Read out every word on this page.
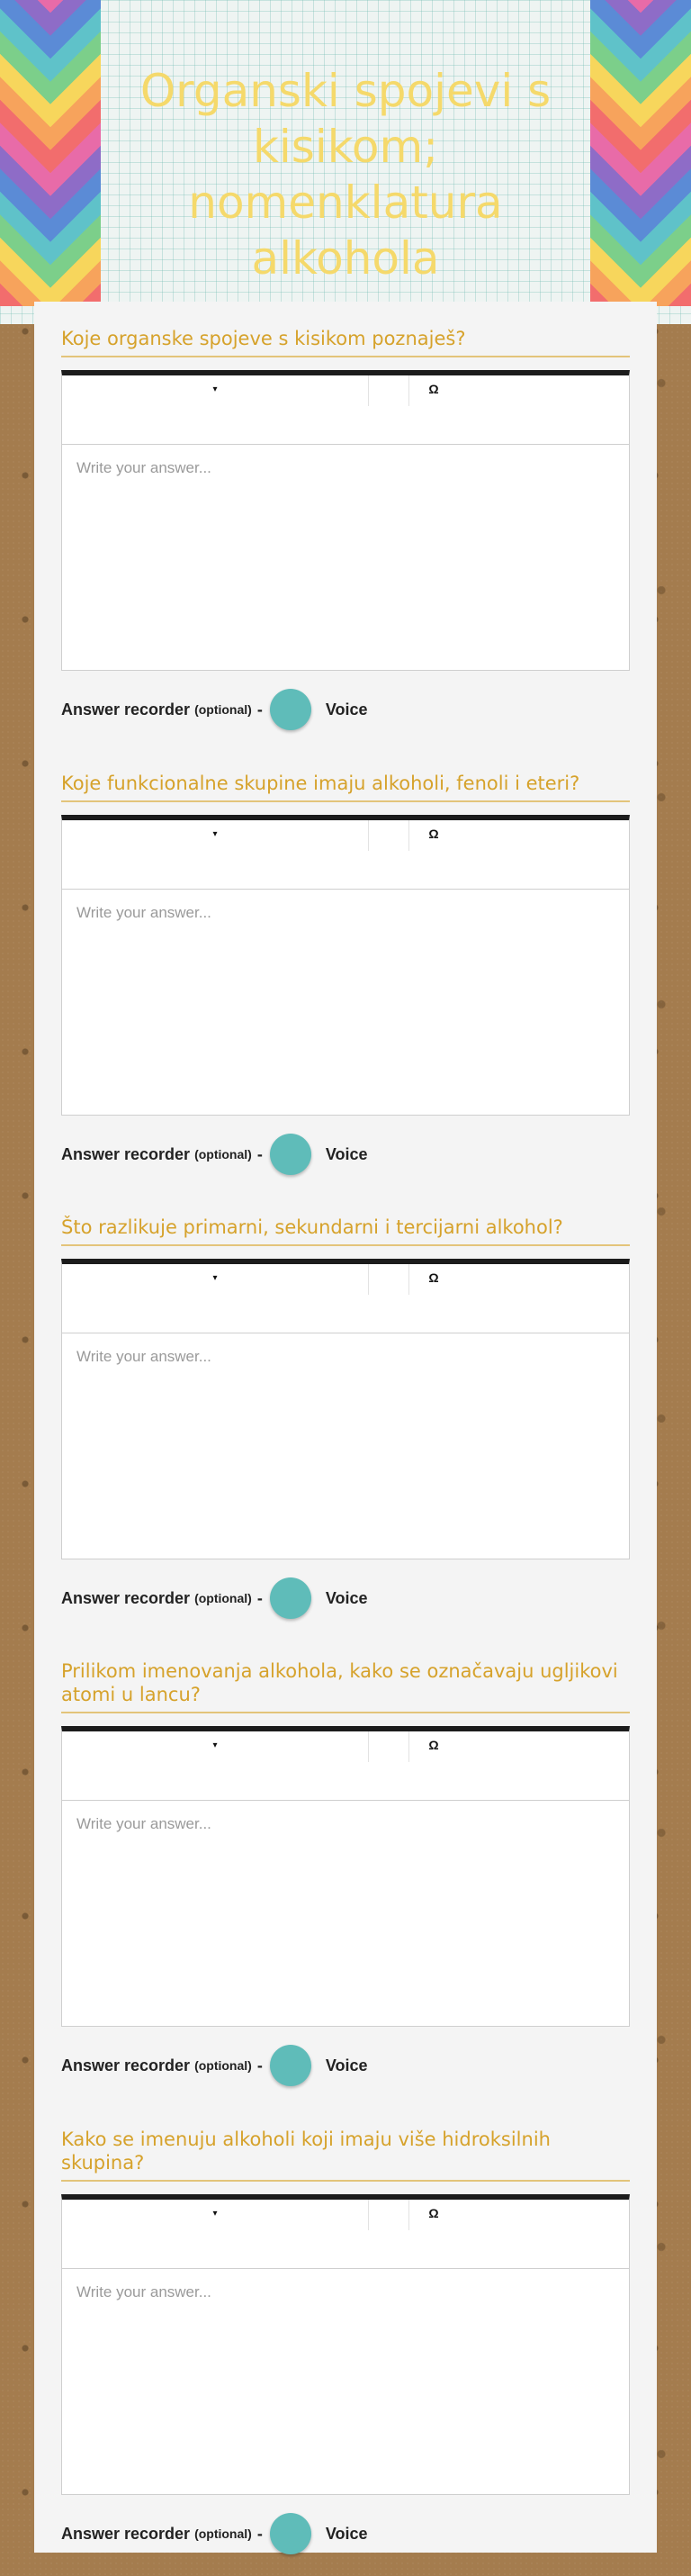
Organski spojevi s kisikom; nomenklatura alkohola

Koje organske spojeve s kisikom poznaješ?

▾	Ω
Write your answer...
Answer recorder (optional) -	Voice

Koje funkcionalne skupine imaju alkoholi, fenoli i eteri?

▾	Ω
Write your answer...
Answer recorder (optional) -	Voice

Što razlikuje primarni, sekundarni i tercijarni alkohol?

▾	Ω
Write your answer...
Answer recorder (optional) -	Voice

Prilikom imenovanja alkohola, kako se označavaju ugljikovi atomi u lancu?

▾	Ω
Write your answer...
Answer recorder (optional) -	Voice

Kako se imenuju alkoholi koji imaju više hidroksilnih skupina?

▾	Ω
Write your answer...
Answer recorder (optional) -	Voice
